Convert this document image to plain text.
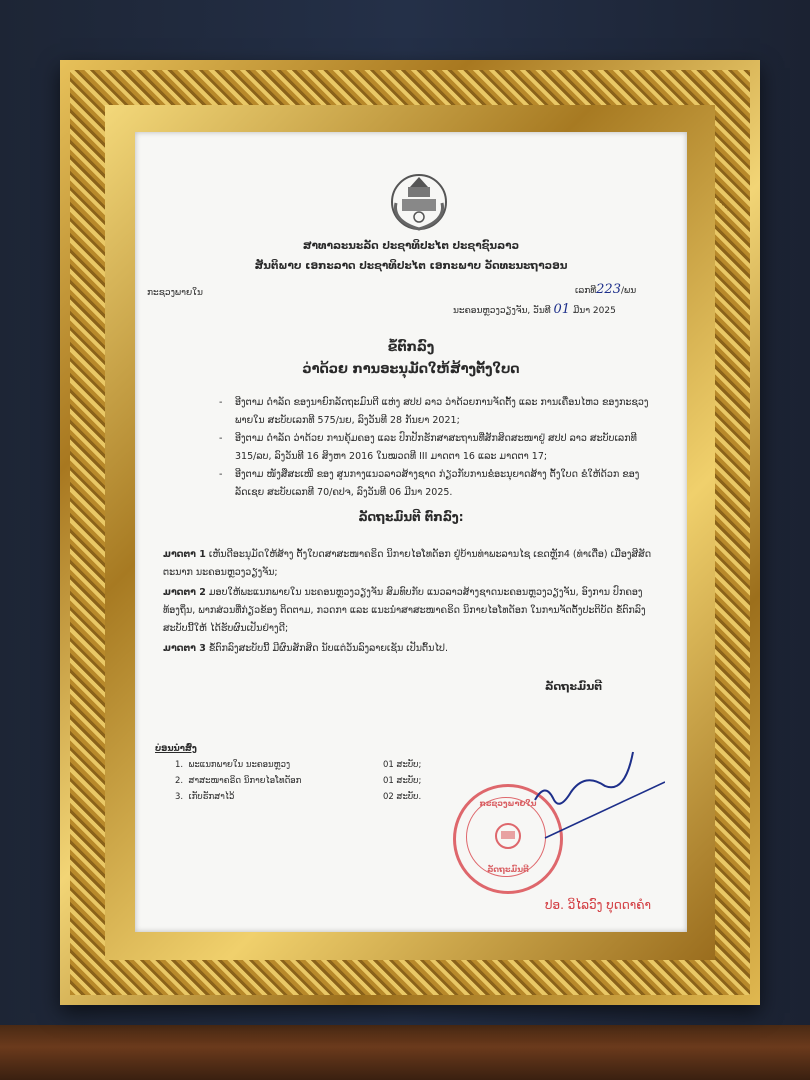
ສາທາລະນະລັດ ປະຊາທິປະໄຕ ປະຊາຊົນລາວ
ສັນຕິພາບ ເອກະລາດ ປະຊາທິປະໄຕ ເອກະພາບ ວັດທະນະຖາວອນ
ກະຊວງພາຍໃນ	ເລກທີ223/ພນ
ນະຄອນຫຼວງວຽງຈັນ, ວັນທີ 01 ມີນາ 2025
ຂໍ້ຕົກລົງ
ວ່າດ້ວຍ ການອະນຸມັດໃຫ້ສ້າງຕັ້ງໃບດ
- ອີງຕາມ ດຳລັດ ຂອງນາຍົກລັດຖະມົນຕີ ແຫ່ງ ສປປ ລາວ ວ່າດ້ວຍການຈັດຕັ້ງ ແລະ ການເຄື່ອນໄຫວ ຂອງກະຊວງພາຍໃນ ສະບັບເລກທີ 575/ນຍ, ລົງວັນທີ 28 ກັນຍາ 2021;
- ອີງຕາມ ດຳລັດ ວ່າດ້ວຍ ການຄຸ້ມຄອງ ແລະ ປົກປັກຮັກສາສະຖານທີ່ສັກສິດສະໜາຢູ່ ສປປ ລາວ ສະບັບເລກທີ 315/ລບ, ລົງວັນທີ 16 ສິງຫາ 2016 ໃນໝວດທີ III ມາດຕາ 16 ແລະ ມາດຕາ 17;
- ອີງຕາມ ໜັງສືສະເໜີ ຂອງ ສູນກາງແນວລາວສ້າງຊາດ ກ່ຽວກັບການຂໍອະນຸຍາດສ້າງ ຕັ້ງໃບດ ຂໍໃຫ້ດ້ວກ ຂອງລັດເຊຍ ສະບັບເລກທີ 70/ຄປຈ, ລົງວັນທີ 06 ມີນາ 2025.
ລັດຖະມົນຕີ ຕົກລົງ:
ມາດຕາ 1 ເຫັນດີອະນຸມັດໃຫ້ສ້າງ ຕັ້ງໃບດສາສະໜາຄຣິດ ນິກາຍໄອໂທດັອກ ຢູ່ບ້ານທ່າພະລານໄຊ ເຂດຫຼັກ4 (ທ່າເດື່ອ) ເມືອງສີສັດຕະນາກ ນະຄອນຫຼວງວຽງຈັນ;
ມາດຕາ 2 ມອບໃຫ້ພະແນກພາຍໃນ ນະຄອນຫຼວງວຽງຈັນ ສົມທົບກັບ ແນວລາວສ້າງຊາດນະຄອນຫຼວງວຽງຈັນ, ອົງການ ປົກຄອງທ້ອງຖິ່ນ, ພາກສ່ວນທີ່ກ່ຽວຂ້ອງ ຕິດຕາມ, ກວດກາ ແລະ ແນະນຳສາສະໜາຄຣິດ ນິກາຍໄອໂທດັອກ ໃນການຈັດຕັ້ງປະຕິບັດ ຂໍ້ຕົກລົງສະບັບນີ້ໃຫ້ ໄດ້ຮັບຜົນເປັນຢ່າງດີ;
ມາດຕາ 3 ຂໍ້ຕົກລົງສະບັບນີ້ ມີຜົນສັກສິດ ນັບແຕ່ວັນລົງລາຍເຊັນ ເປັນຕົ້ນໄປ.
ລັດຖະມົນຕີ
ບ່ອນນຳສົ່ງ
1. ພະແນກພາຍໃນ ນະຄອນຫຼວງ	01 ສະບັບ;
2. ສາສະໜາຄຣິດ ນິກາຍໄອໂທດັອກ	01 ສະບັບ;
3. ເກັບຮັກສາໄວ້	02 ສະບັບ.
ກະຊວງພາຍໃນ
ລັດຖະມົນຕີ
ປອ. ວິໄລວົງ ບຸດດາຄຳ
